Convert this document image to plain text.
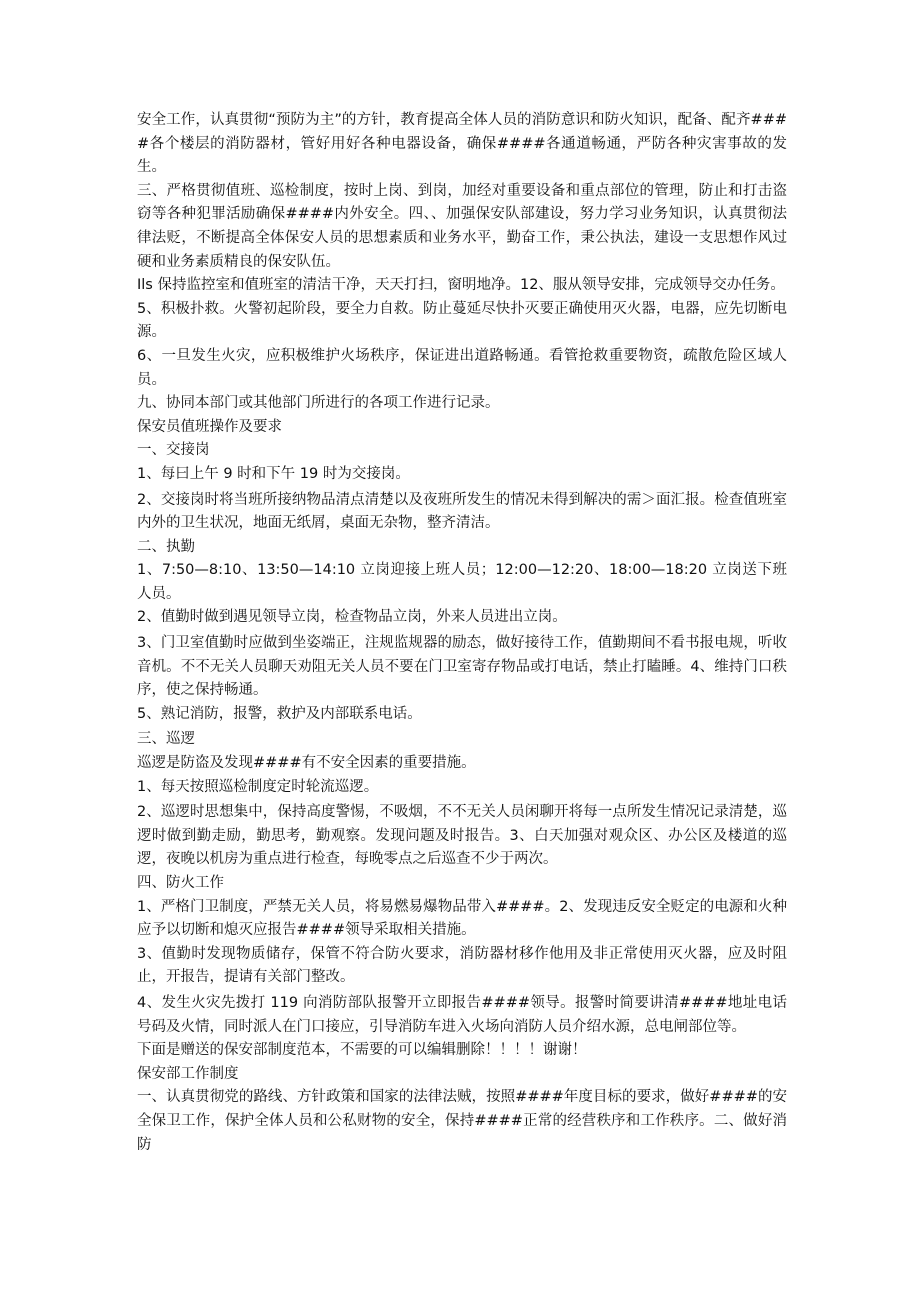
安全工作，认真贯彻“预防为主”的方针，教育提高全体人员的消防意识和防火知识，配备、配齐####各个楼层的消防器材，管好用好各种电器设备，确保####各通道畅通，严防各种灾害事故的发生。

三、严格贯彻值班、巡检制度，按时上岗、到岗，加经对重要设备和重点部位的管理，防止和打击盗窃等各种犯罪活励确保####内外安全。四、、加强保安队部建设，努力学习业务知识，认真贯彻法律法贬，不断提高全体保安人员的思想素质和业务水平，勤奋工作，秉公执法，建设一支思想作风过硬和业务素质精良的保安队伍。

Ils 保持监控室和值班室的清洁干净，天天打扫，窗明地净。12、服从领导安排，完成领导交办任务。

5、积极扑救。火警初起阶段，要全力自救。防止蔓延尽快扑灭要正确使用灭火器，电器，应先切断电源。

6、一旦发生火灾，应积极维护火场秩序，保证进出道路畅通。看管抢救重要物资，疏散危险区域人员。

九、协同本部门或其他部门所进行的各项工作进行记录。

保安员值班操作及要求

一、交接岗

1、每曰上午 9 时和下午 19 时为交接岗。

2、交接岗时将当班所接纳物品清点清楚以及夜班所发生的情况未得到解决的需＞面汇报。检查值班室内外的卫生状况，地面无纸屑，桌面无杂物，整齐清洁。

二、执勤

1、7:50—8:10、13:50—14:10 立岗迎接上班人员；12:00—12:20、18:00—18:20 立岗送下班人员。

2、值勤时做到遇见领导立岗，检查物品立岗，外来人员进出立岗。

3、门卫室值勤时应做到坐姿端正，注规监规器的励态，做好接待工作，值勤期间不看书报电规，听收音机。不不无关人员聊天劝阻无关人员不要在门卫室寄存物品或打电话，禁止打瞌睡。4、维持门口秩序，使之保持畅通。

5、熟记消防，报警，救护及内部联系电话。

三、巡逻

巡逻是防盗及发现####有不安全因素的重要措施。

1、每天按照巡检制度定时轮流巡逻。

2、巡逻时思想集中，保持高度警惕，不吸烟，不不无关人员闲聊开将每一点所发生情况记录清楚，巡逻时做到勤走励，勤思考，勤观察。发现问题及时报告。3、白天加强对观众区、办公区及楼道的巡逻，夜晚以机房为重点进行检查，每晚零点之后巡查不少于两次。

四、防火工作

1、严格门卫制度，严禁无关人员，将易燃易爆物品带入####。2、发现违反安全贬定的电源和火种应予以切断和熄灭应报告####领导采取相关措施。

3、值勤时发现物质储存，保管不符合防火要求，消防器材移作他用及非正常使用灭火器，应及时阻止，开报告，提请有关部门整改。

4、发生火灾先拨打 119 向消防部队报警开立即报告####领导。报警时简要讲清####地址电话号码及火情，同时派人在门口接应，引导消防车进入火场向消防人员介绍水源，总电闸部位等。

下面是赠送的保安部制度范本，不需要的可以编辑删除！！！！谢谢！

保安部工作制度

一、认真贯彻党的路线、方针政策和国家的法律法贼，按照####年度目标的要求，做好####的安全保卫工作，保护全体人员和公私财物的安全，保持####正常的经营秩序和工作秩序。二、做好消防
